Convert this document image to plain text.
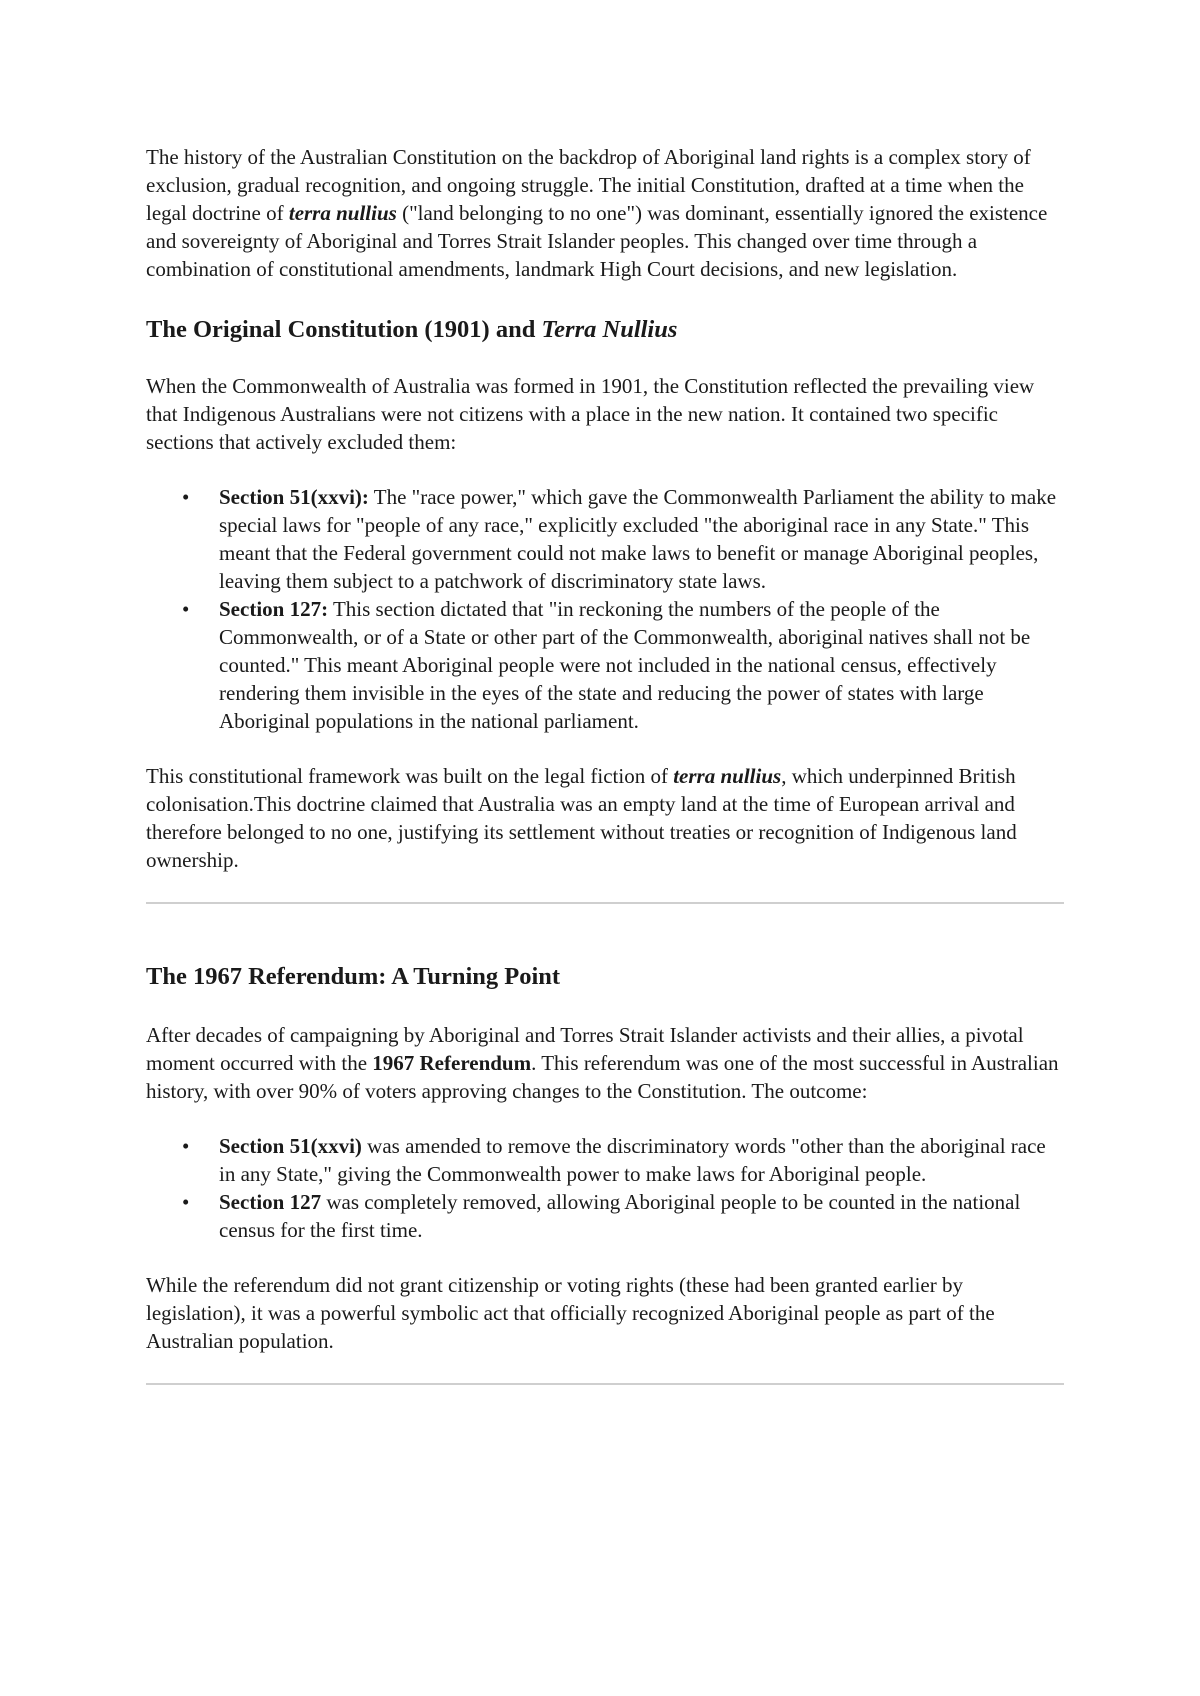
The history of the Australian Constitution on the backdrop of Aboriginal land rights is a complex story of exclusion, gradual recognition, and ongoing struggle. The initial Constitution, drafted at a time when the legal doctrine of terra nullius ("land belonging to no one") was dominant, essentially ignored the existence and sovereignty of Aboriginal and Torres Strait Islander peoples. This changed over time through a combination of constitutional amendments, landmark High Court decisions, and new legislation.

The Original Constitution (1901) and Terra Nullius

When the Commonwealth of Australia was formed in 1901, the Constitution reflected the prevailing view that Indigenous Australians were not citizens with a place in the new nation. It contained two specific sections that actively excluded them:

• Section 51(xxvi): The "race power," which gave the Commonwealth Parliament the ability to make special laws for "people of any race," explicitly excluded "the aboriginal race in any State." This meant that the Federal government could not make laws to benefit or manage Aboriginal peoples, leaving them subject to a patchwork of discriminatory state laws.
• Section 127: This section dictated that "in reckoning the numbers of the people of the Commonwealth, or of a State or other part of the Commonwealth, aboriginal natives shall not be counted." This meant Aboriginal people were not included in the national census, effectively rendering them invisible in the eyes of the state and reducing the power of states with large Aboriginal populations in the national parliament.

This constitutional framework was built on the legal fiction of terra nullius, which underpinned British colonisation.This doctrine claimed that Australia was an empty land at the time of European arrival and therefore belonged to no one, justifying its settlement without treaties or recognition of Indigenous land ownership.

The 1967 Referendum: A Turning Point

After decades of campaigning by Aboriginal and Torres Strait Islander activists and their allies, a pivotal moment occurred with the 1967 Referendum. This referendum was one of the most successful in Australian history, with over 90% of voters approving changes to the Constitution. The outcome:

• Section 51(xxvi) was amended to remove the discriminatory words "other than the aboriginal race in any State," giving the Commonwealth power to make laws for Aboriginal people.
• Section 127 was completely removed, allowing Aboriginal people to be counted in the national census for the first time.

While the referendum did not grant citizenship or voting rights (these had been granted earlier by legislation), it was a powerful symbolic act that officially recognized Aboriginal people as part of the Australian population.
